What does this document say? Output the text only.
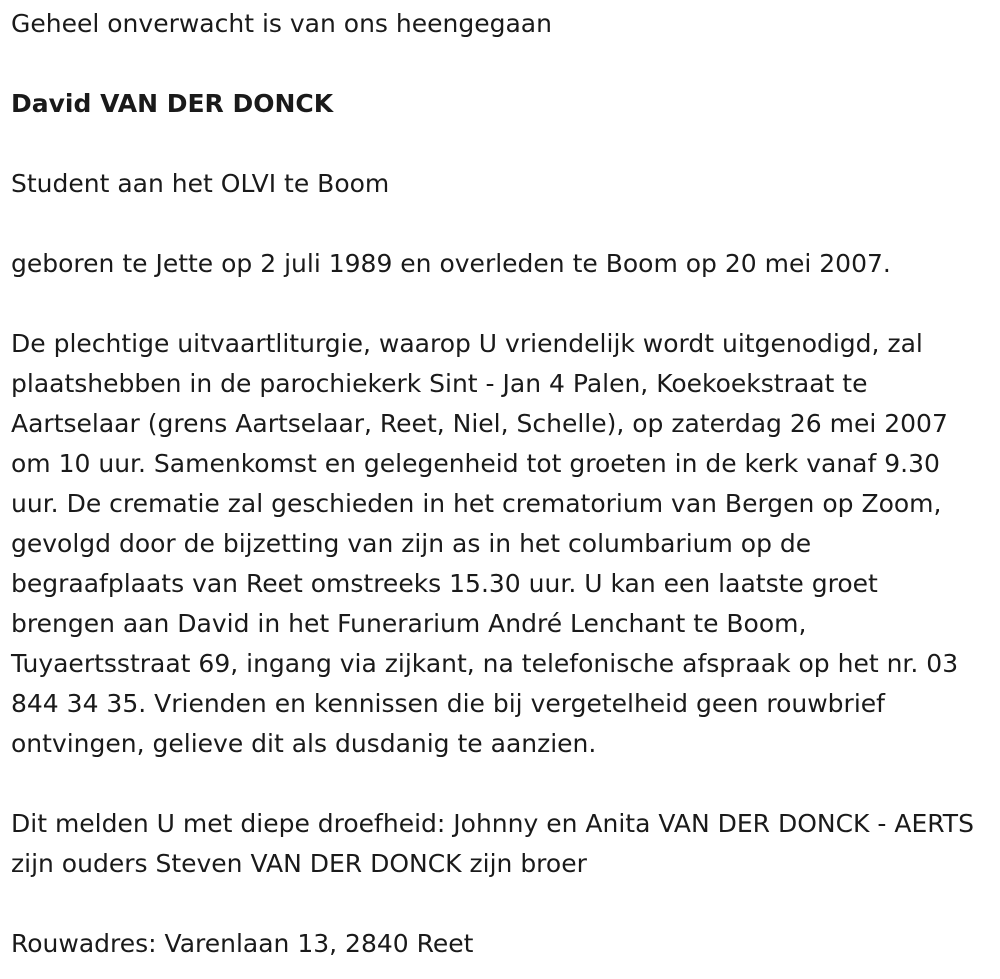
Geheel onverwacht is van ons heengegaan

David VAN DER DONCK

Student aan het OLVI te Boom

geboren te Jette op 2 juli 1989 en overleden te Boom op 20 mei 2007.

De plechtige uitvaartliturgie, waarop U vriendelijk wordt uitgenodigd, zal plaatshebben in de parochiekerk Sint - Jan 4 Palen, Koekoekstraat te Aartselaar (grens Aartselaar, Reet, Niel, Schelle), op zaterdag 26 mei 2007 om 10 uur. Samenkomst en gelegenheid tot groeten in de kerk vanaf 9.30 uur. De crematie zal geschieden in het crematorium van Bergen op Zoom, gevolgd door de bijzetting van zijn as in het columbarium op de begraafplaats van Reet omstreeks 15.30 uur. U kan een laatste groet brengen aan David in het Funerarium André Lenchant te Boom, Tuyaertsstraat 69, ingang via zijkant, na telefonische afspraak op het nr. 03 844 34 35. Vrienden en kennissen die bij vergetelheid geen rouwbrief ontvingen, gelieve dit als dusdanig te aanzien.

Dit melden U met diepe droefheid: Johnny en Anita VAN DER DONCK - AERTS zijn ouders Steven VAN DER DONCK zijn broer

Rouwadres: Varenlaan 13, 2840 Reet
